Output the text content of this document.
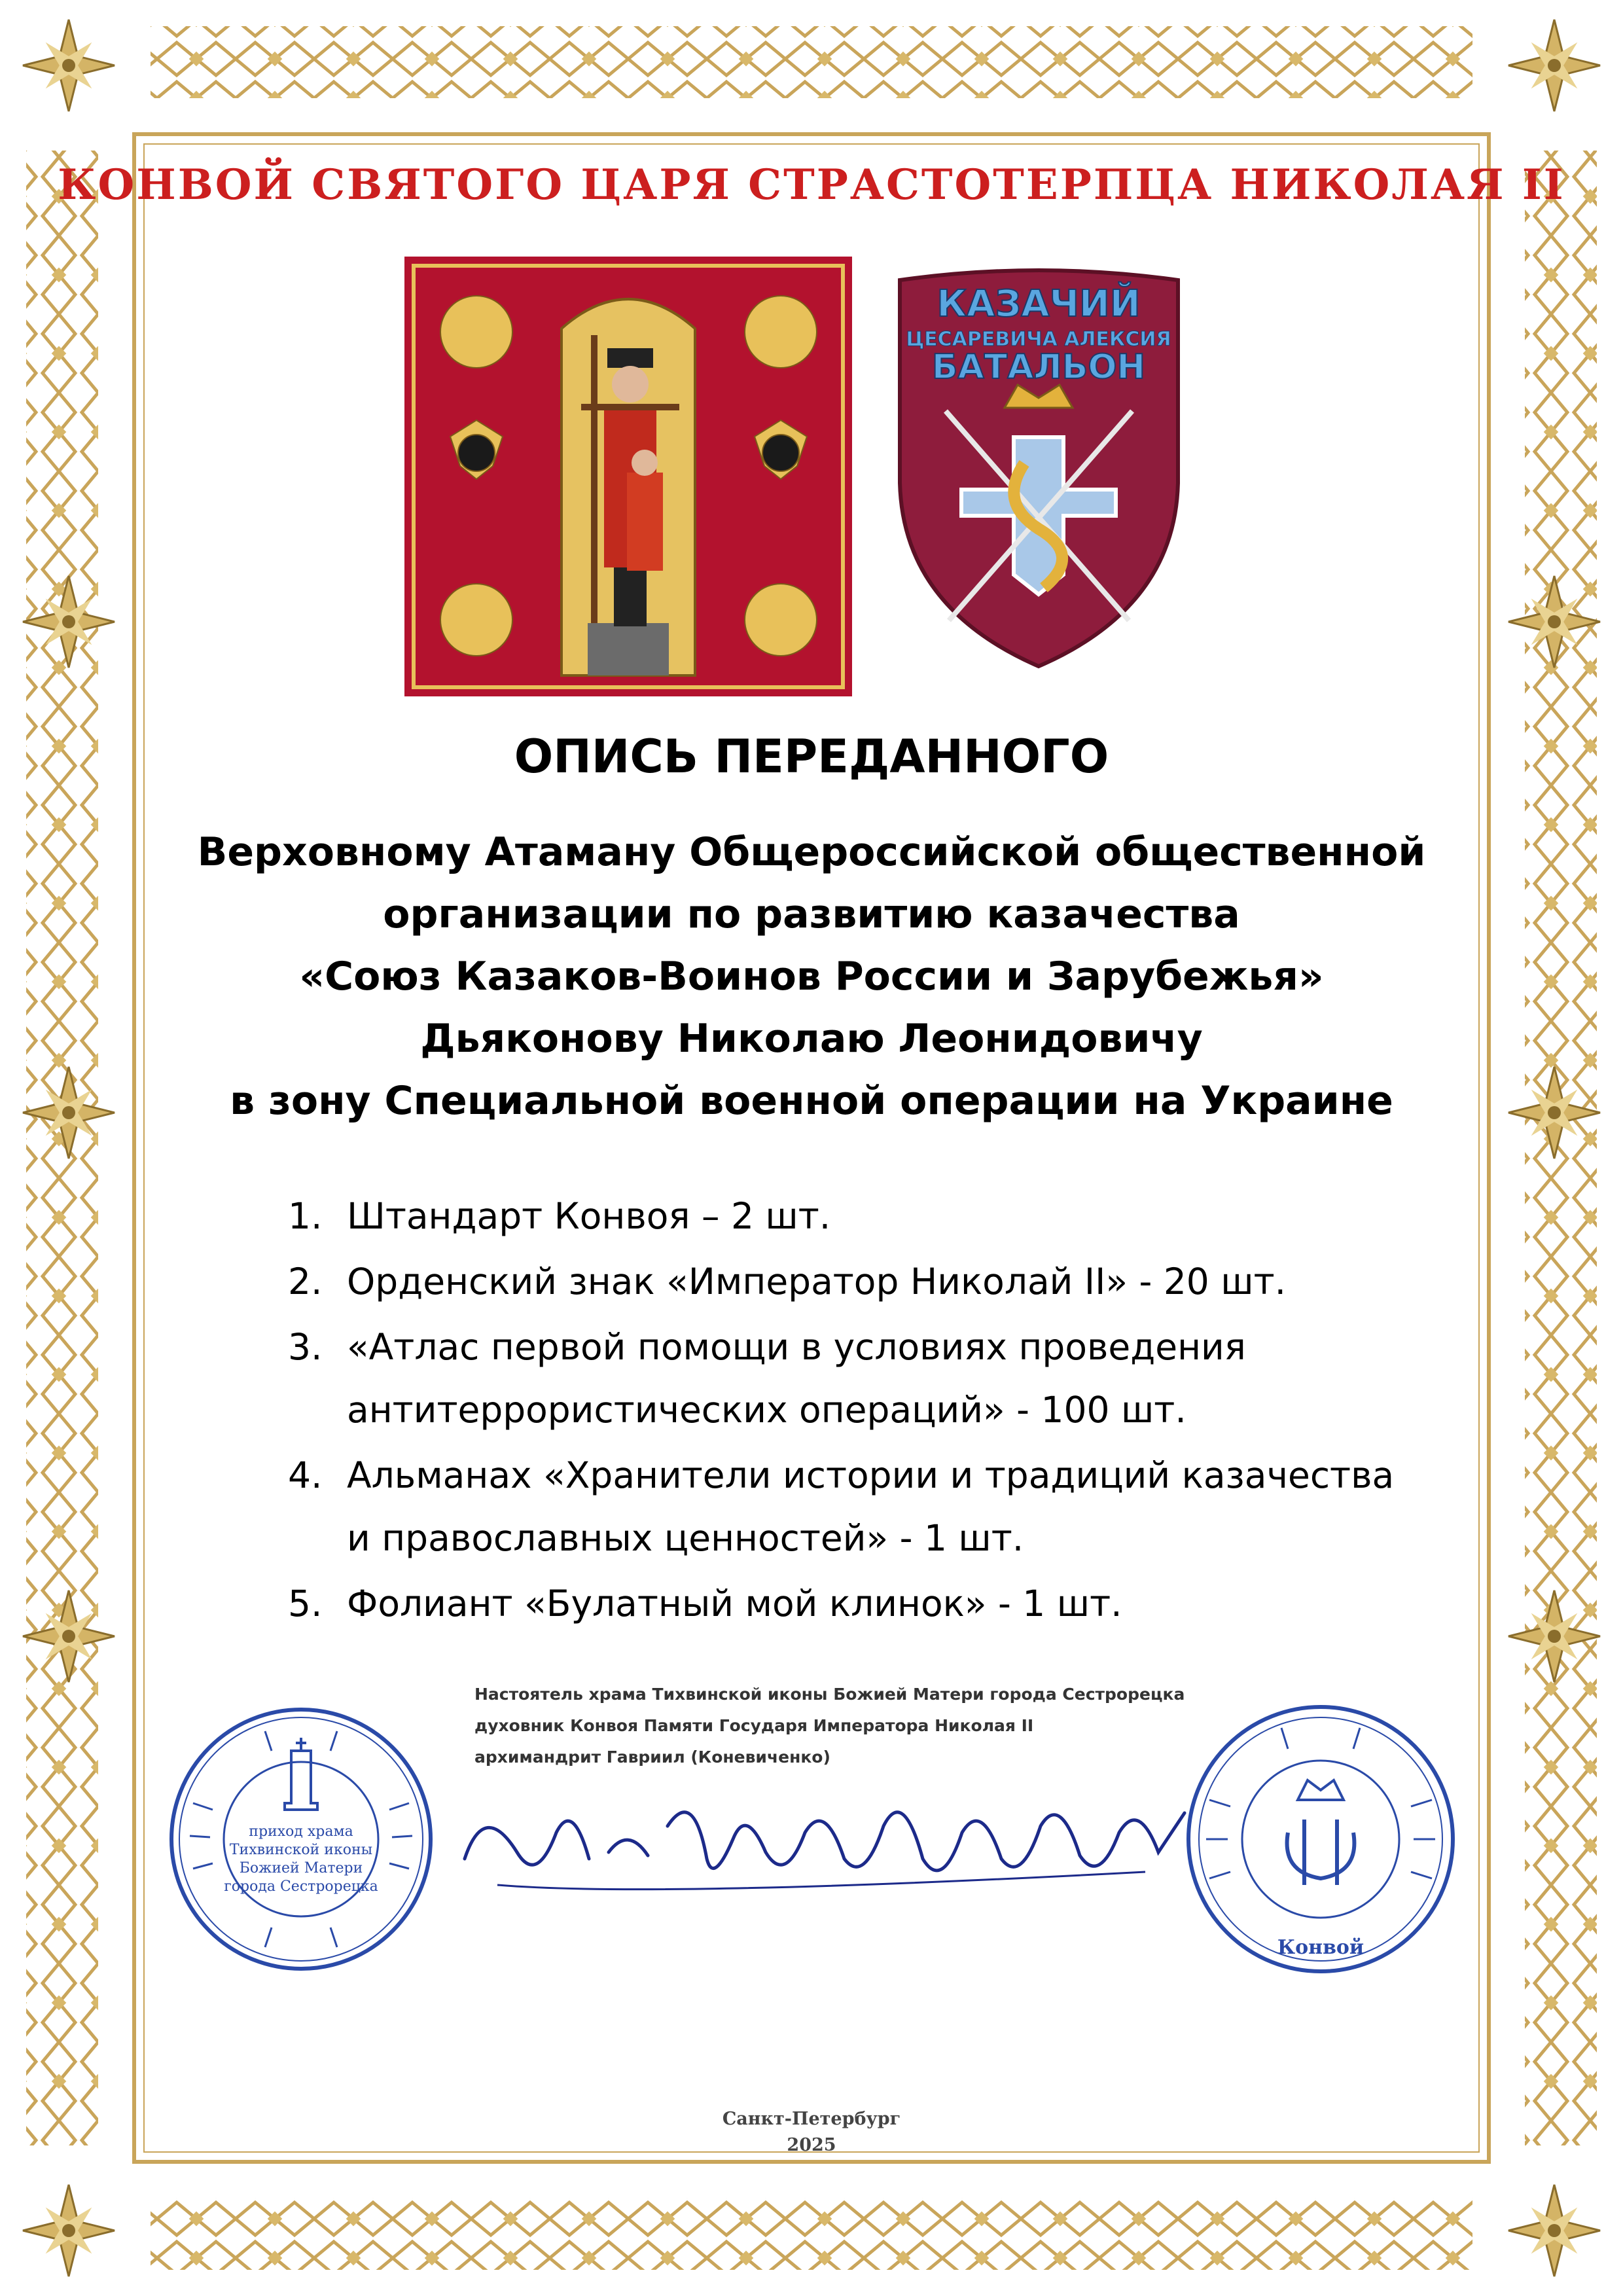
КОНВОЙ СВЯТОГО ЦАРЯ СТРАСТОТЕРПЦА НИКОЛАЯ II
КАЗАЧИЙ
ЦЕСАРЕВИЧА АЛЕКСИЯ
БАТАЛЬОН
ОПИСЬ ПЕРЕДАННОГО
Верховному Атаману Общероссийской общественной
организации по развитию казачества
«Союз Казаков-Воинов России и Зарубежья»
Дьяконову Николаю Леонидовичу
в зону Специальной военной операции на Украине
1. Штандарт Конвоя – 2 шт.
2. Орденский знак «Император Николай II» - 20 шт.
3. «Атлас первой помощи в условиях проведения
антитеррористических операций» - 100 шт.
4. Альманах «Хранители истории и традиций казачества
и православных ценностей» - 1 шт.
5. Фолиант «Булатный мой клинок» - 1 шт.
Настоятель храма Тихвинской иконы Божией Матери города Сестрорецка
духовник Конвоя Памяти Государя Императора Николая II
архимандрит Гавриил (Коневиченко)
приход храма
Тихвинской иконы
Божией Матери
города Сестрорецка
Конвой
Санкт-Петербург
2025
